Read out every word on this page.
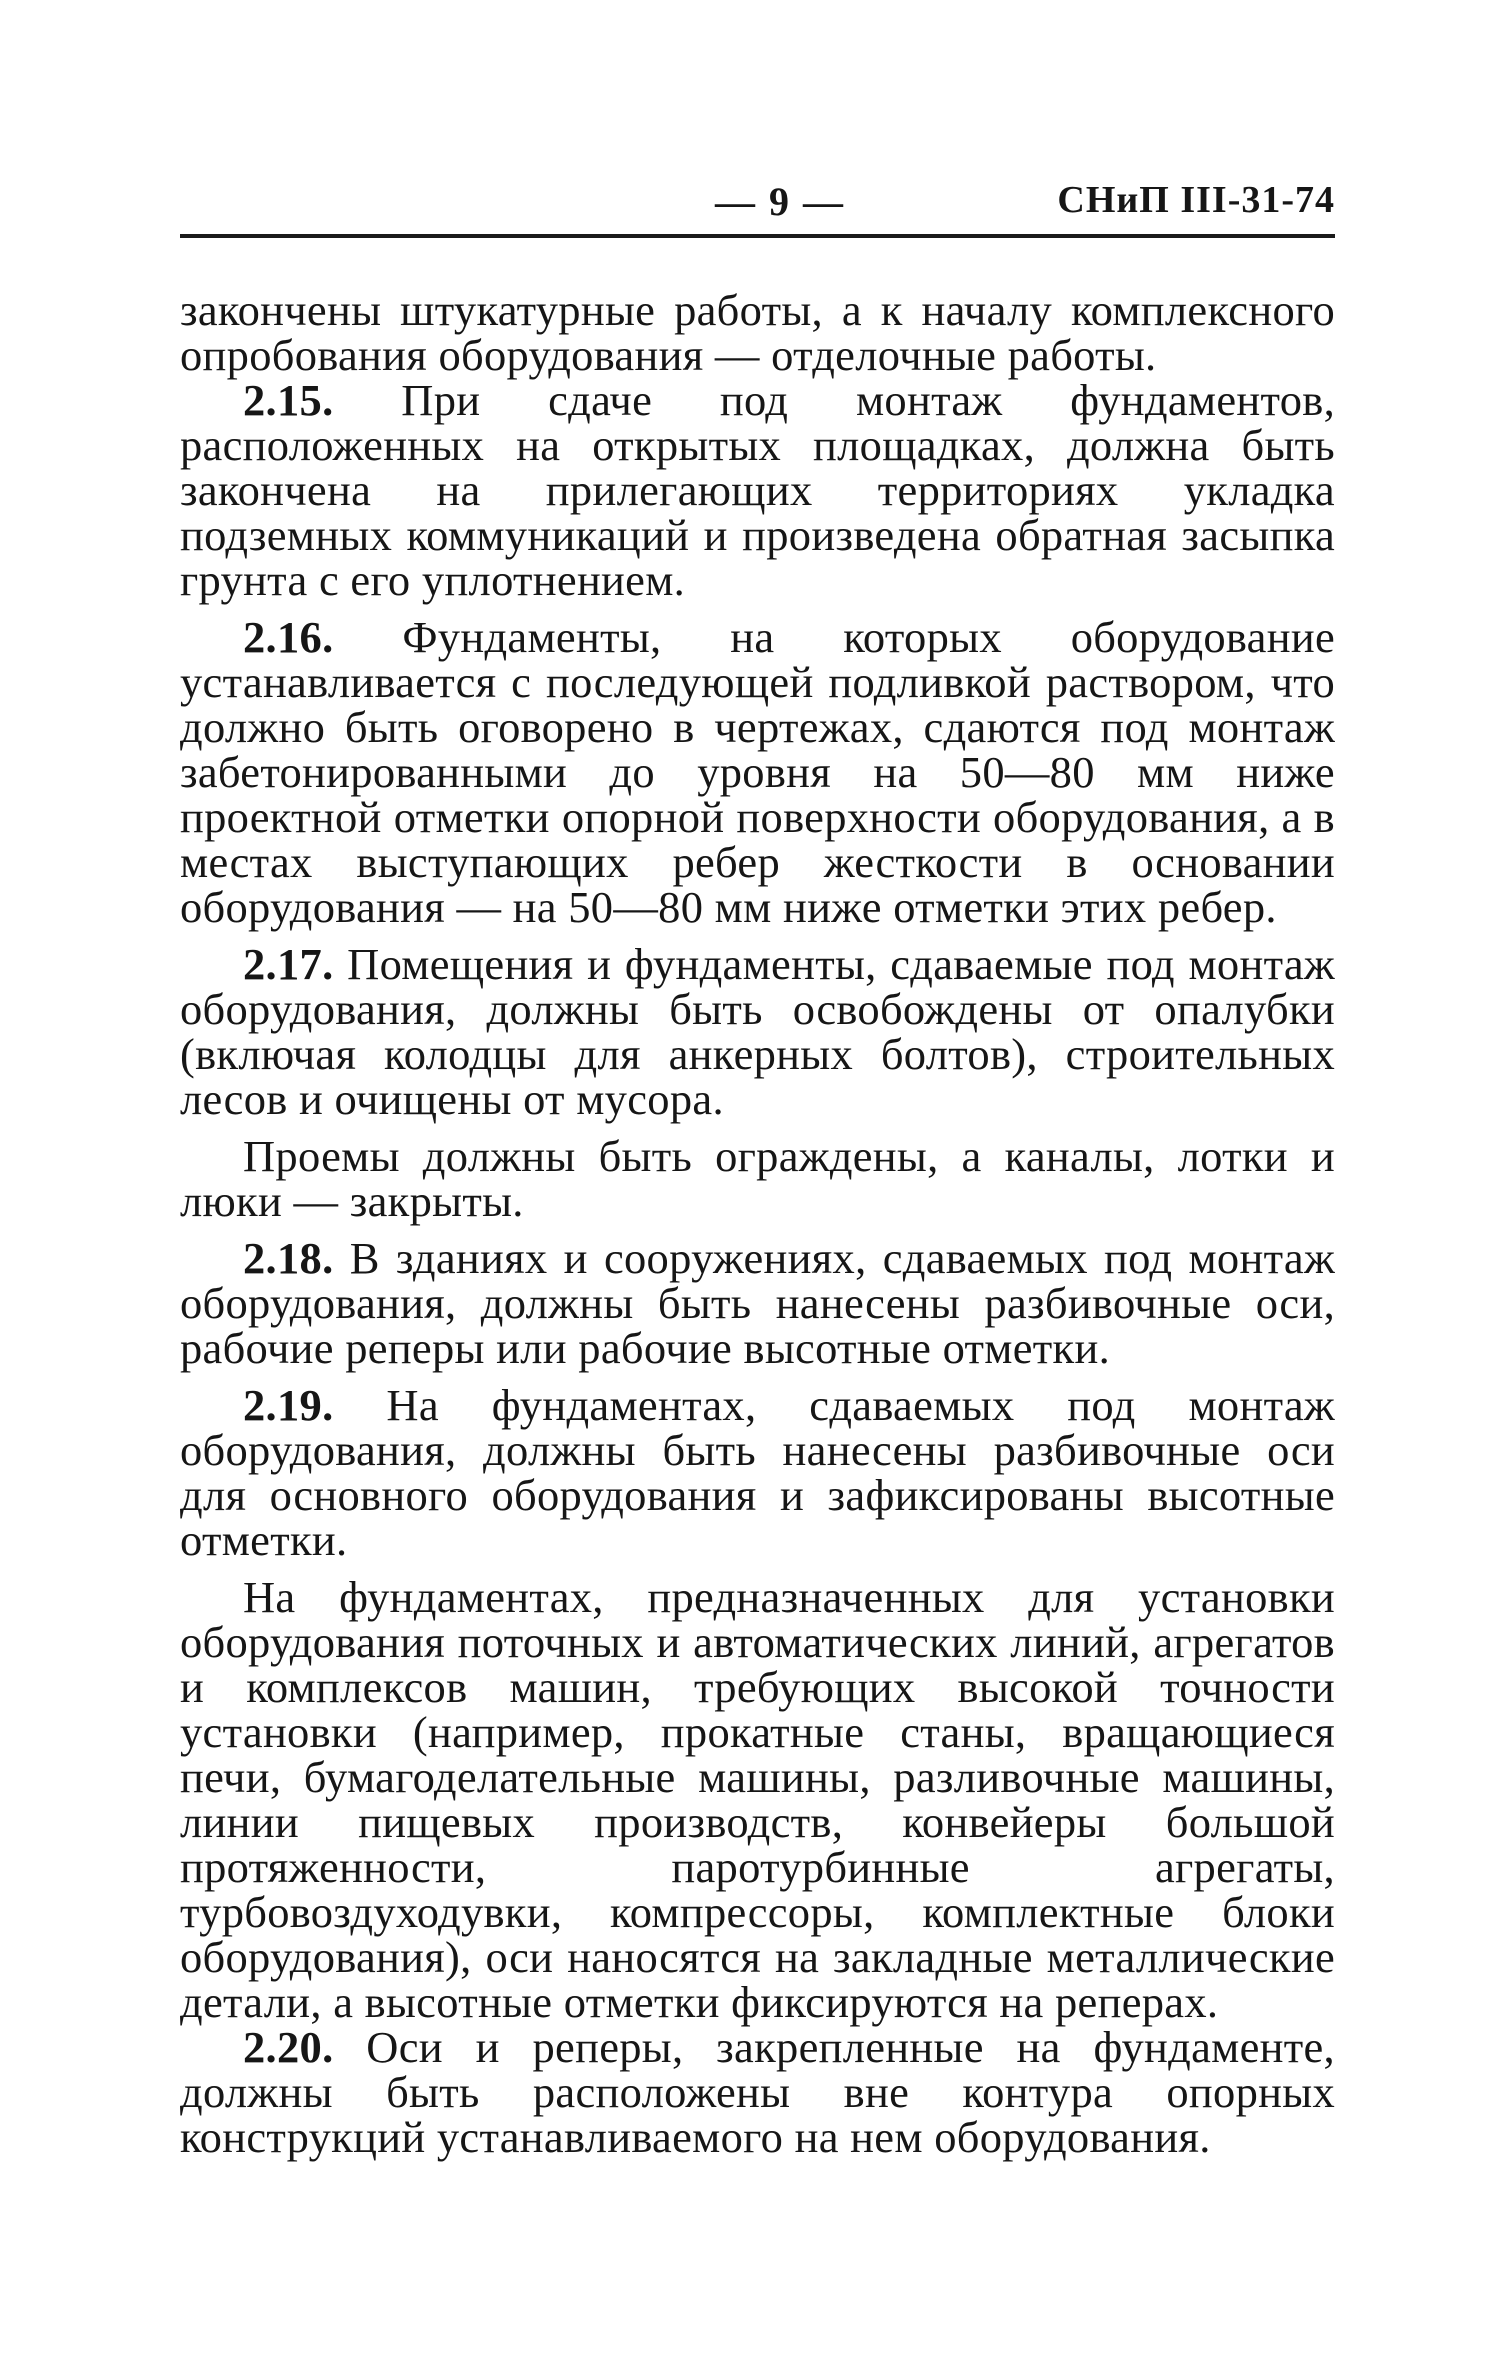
— 9 —	СНиП III-31-74

закончены штукатурные работы, а к началу комплексного опробования оборудования — отделочные работы.

2.15. При сдаче под монтаж фундаментов, расположенных на открытых площадках, должна быть закончена на прилегающих территориях укладка подземных коммуникаций и произведена обратная засыпка грунта с его уплотнением.

2.16. Фундаменты, на которых оборудование устанавливается с последующей подливкой раствором, что должно быть оговорено в чертежах, сдаются под монтаж забетонированными до уровня на 50—80 мм ниже проектной отметки опорной поверхности оборудования, а в местах выступающих ребер жесткости в основании оборудования — на 50—80 мм ниже отметки этих ребер.

2.17. Помещения и фундаменты, сдаваемые под монтаж оборудования, должны быть освобождены от опалубки (включая колодцы для анкерных болтов), строительных лесов и очищены от мусора.

Проемы должны быть ограждены, а каналы, лотки и люки — закрыты.

2.18. В зданиях и сооружениях, сдаваемых под монтаж оборудования, должны быть нанесены разбивочные оси, рабочие реперы или рабочие высотные отметки.

2.19. На фундаментах, сдаваемых под монтаж оборудования, должны быть нанесены разбивочные оси для основного оборудования и зафиксированы высотные отметки.

На фундаментах, предназначенных для установки оборудования поточных и автоматических линий, агрегатов и комплексов машин, требующих высокой точности установки (например, прокатные станы, вращающиеся печи, бумагоделательные машины, разливочные машины, линии пищевых производств, конвейеры большой протяженности, паротурбинные агрегаты, турбовоздуходувки, компрессоры, комплектные блоки оборудования), оси наносятся на закладные металлические детали, а высотные отметки фиксируются на реперах.

2.20. Оси и реперы, закрепленные на фундаменте, должны быть расположены вне контура опорных конструкций устанавливаемого на нем оборудования.
